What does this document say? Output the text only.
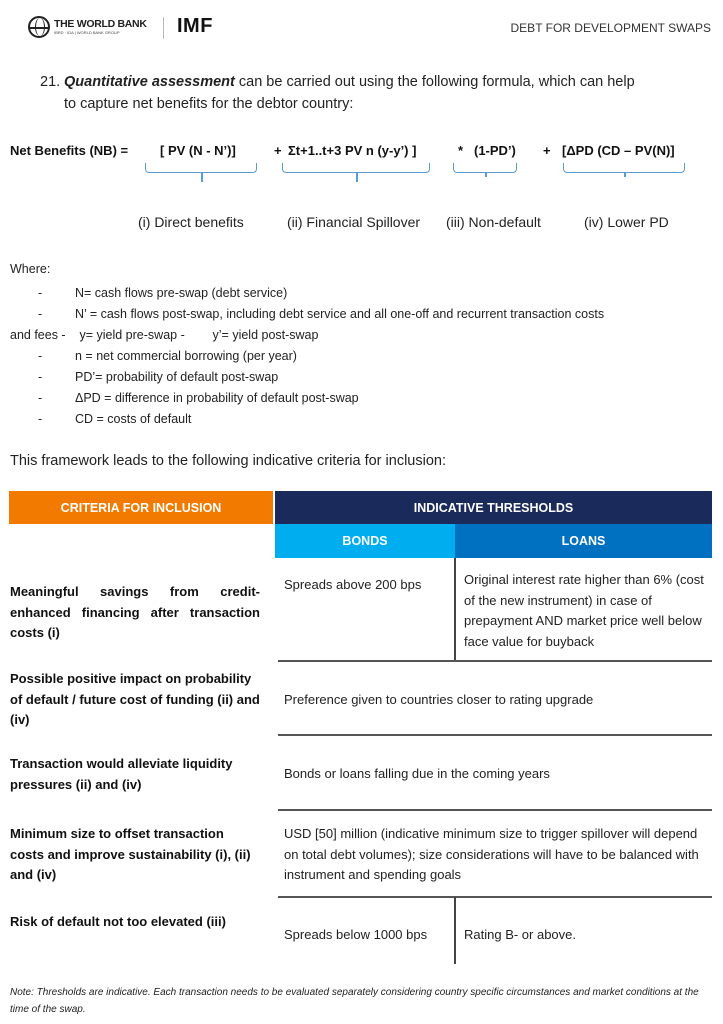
THE WORLD BANK
IBRD · IDA | WORLD BANK GROUP	IMF	DEBT FOR DEVELOPMENT SWAPS
21. Quantitative assessment can be carried out using the following formula, which can help
to capture net benefits for the debtor country:
Net Benefits (NB) = [ PV (N - N’)]	+ Σt+1..t+3 PV n (y-y’) ]	* (1-PD’) + [ΔPD (CD – PV(N)]
(i) Direct benefits	(ii) Financial Spillover (iii) Non-default	(iv) Lower PD
Where:
-	N= cash flows pre-swap (debt service)
-	N’ = cash flows post-swap, including debt service and all one-off and recurrent transaction costs
and fees -    y= yield pre-swap -        y’= yield post-swap
-	n = net commercial borrowing (per year)
-	PD’= probability of default post-swap
-	ΔPD = difference in probability of default post-swap
-	CD = costs of default
This framework leads to the following indicative criteria for inclusion:
CRITERIA FOR INCLUSION	INDICATIVE THRESHOLDS
BONDS	LOANS
Meaningful savings from credit-enhanced financing after transaction costs (i)
Spreads above 200 bps	Original interest rate higher than 6% (cost of the new instrument) in case of prepayment AND market price well below face value for buyback
Possible positive impact on probability of default / future cost of funding (ii) and (iv)
Preference given to countries closer to rating upgrade
Transaction would alleviate liquidity pressures (ii) and (iv)
Bonds or loans falling due in the coming years
Minimum size to offset transaction costs and improve sustainability (i), (ii) and (iv)
USD [50] million (indicative minimum size to trigger spillover will depend on total debt volumes); size considerations will have to be balanced with instrument and spending goals
Risk of default not too elevated (iii)
Spreads below 1000 bps	Rating B- or above.
Note: Thresholds are indicative. Each transaction needs to be evaluated separately considering country specific circumstances and market conditions at the time of the swap.
